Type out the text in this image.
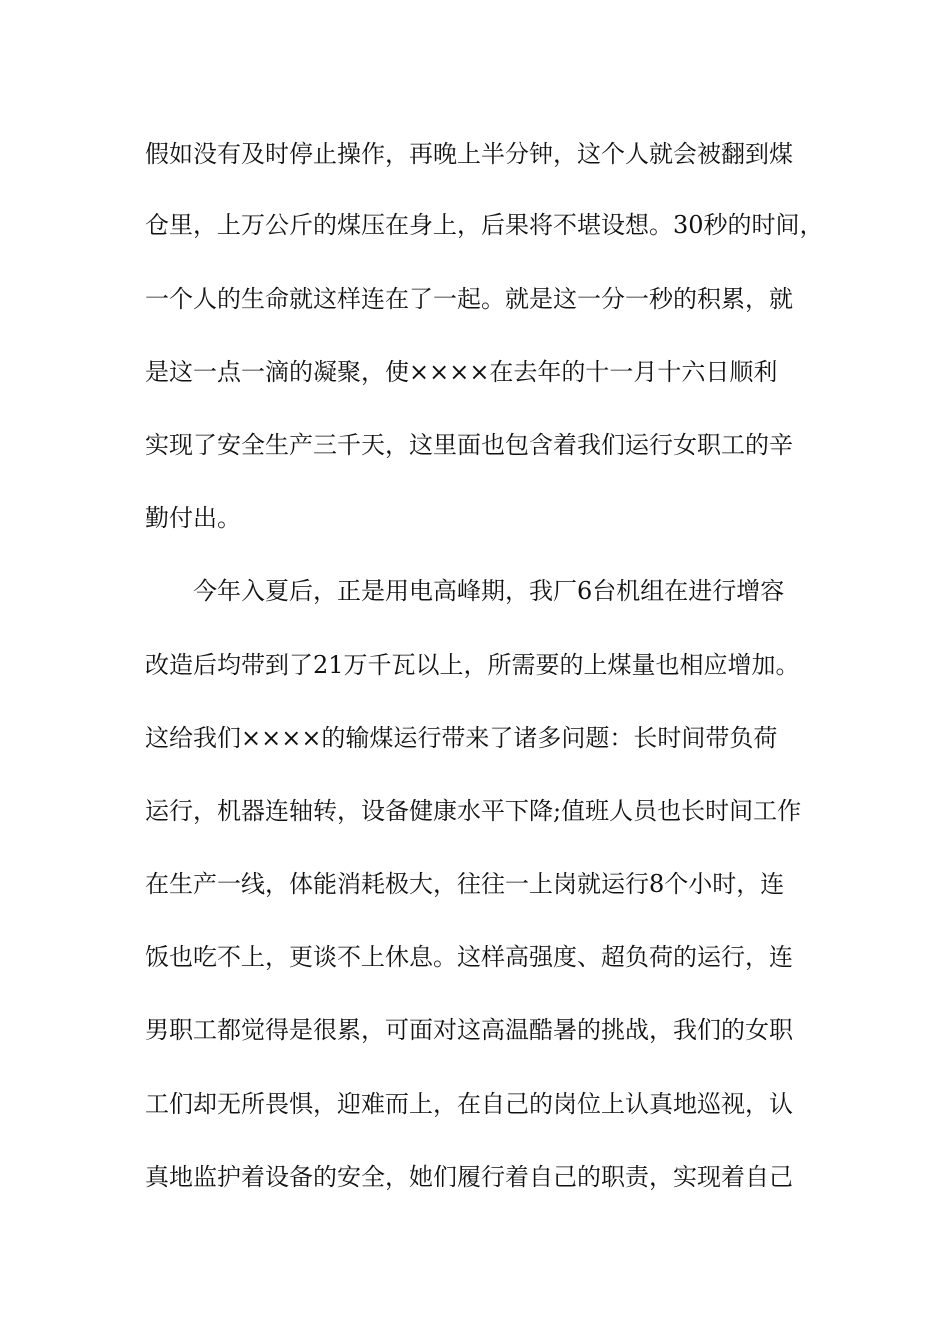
假如没有及时停止操作，再晚上半分钟，这个人就会被翻到煤
仓里，上万公斤的煤压在身上，后果将不堪设想。30秒的时间，
一个人的生命就这样连在了一起。就是这一分一秒的积累，就
是这一点一滴的凝聚，使××××在去年的十一月十六日顺利
实现了安全生产三千天，这里面也包含着我们运行女职工的辛
勤付出。
今年入夏后，正是用电高峰期，我厂6台机组在进行增容
改造后均带到了21万千瓦以上，所需要的上煤量也相应增加。
这给我们××××的输煤运行带来了诸多问题：长时间带负荷
运行，机器连轴转，设备健康水平下降;值班人员也长时间工作
在生产一线，体能消耗极大，往往一上岗就运行8个小时，连
饭也吃不上，更谈不上休息。这样高强度、超负荷的运行，连
男职工都觉得是很累，可面对这高温酷暑的挑战，我们的女职
工们却无所畏惧，迎难而上，在自己的岗位上认真地巡视，认
真地监护着设备的安全，她们履行着自己的职责，实现着自己
